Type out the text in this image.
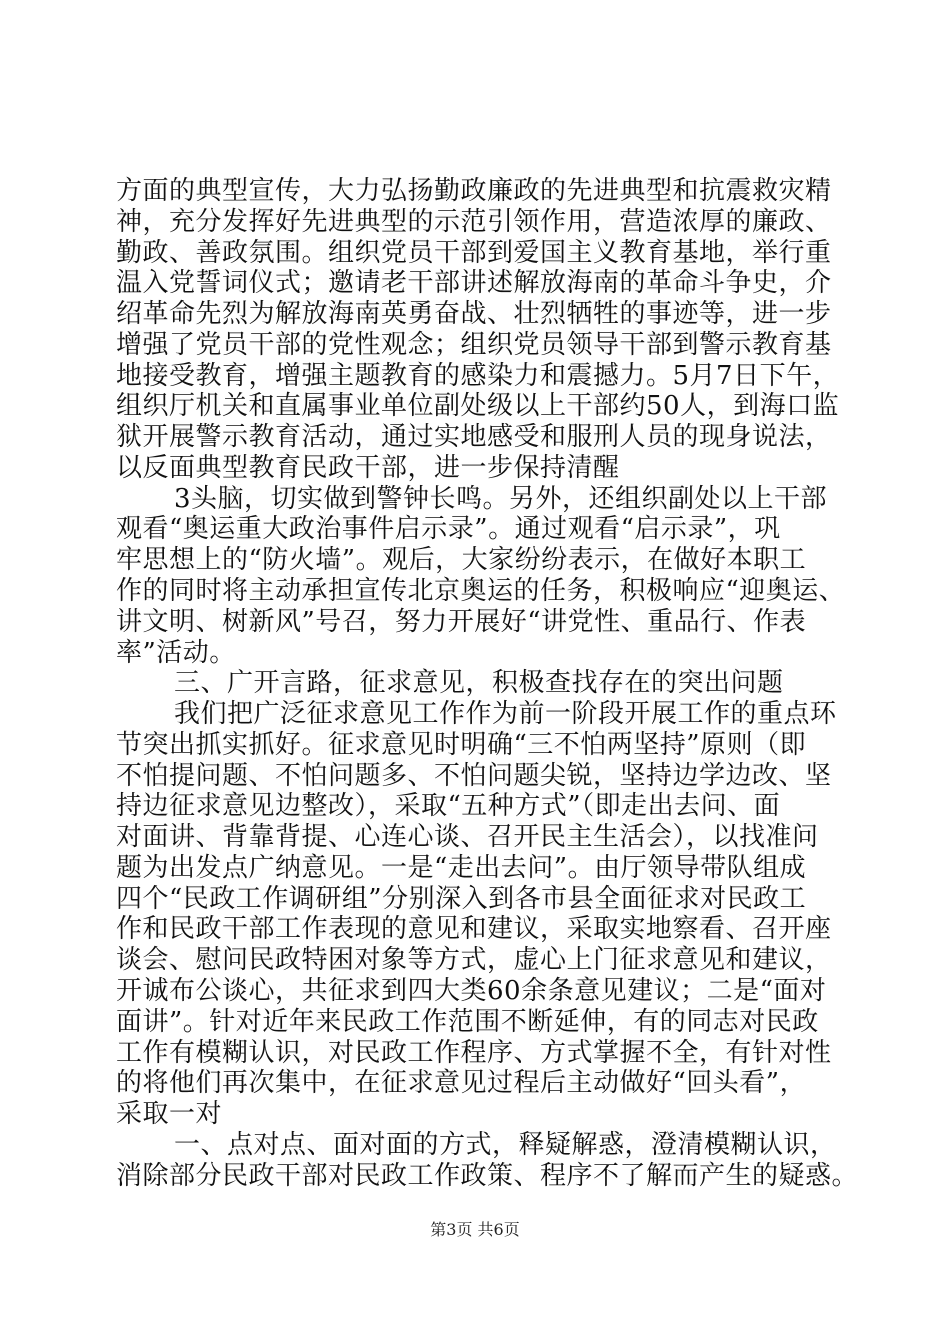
方面的典型宣传，大力弘扬勤政廉政的先进典型和抗震救灾精
神，充分发挥好先进典型的示范引领作用，营造浓厚的廉政、
勤政、善政氛围。组织党员干部到爱国主义教育基地，举行重
温入党誓词仪式；邀请老干部讲述解放海南的革命斗争史，介
绍革命先烈为解放海南英勇奋战、壮烈牺牲的事迹等，进一步
增强了党员干部的党性观念；组织党员领导干部到警示教育基
地接受教育，增强主题教育的感染力和震撼力。5月7日下午，
组织厅机关和直属事业单位副处级以上干部约50人，到海口监
狱开展警示教育活动，通过实地感受和服刑人员的现身说法，
以反面典型教育民政干部，进一步保持清醒
3头脑，切实做到警钟长鸣。另外，还组织副处以上干部
观看“奥运重大政治事件启示录”。通过观看“启示录”，巩
牢思想上的“防火墙”。观后，大家纷纷表示，在做好本职工
作的同时将主动承担宣传北京奥运的任务，积极响应“迎奥运、
讲文明、树新风”号召，努力开展好“讲党性、重品行、作表
率”活动。
三、广开言路，征求意见，积极查找存在的突出问题
我们把广泛征求意见工作作为前一阶段开展工作的重点环
节突出抓实抓好。征求意见时明确“三不怕两坚持”原则（即
不怕提问题、不怕问题多、不怕问题尖锐，坚持边学边改、坚
持边征求意见边整改），采取“五种方式”（即走出去问、面
对面讲、背靠背提、心连心谈、召开民主生活会），以找准问
题为出发点广纳意见。一是“走出去问”。由厅领导带队组成
四个“民政工作调研组”分别深入到各市县全面征求对民政工
作和民政干部工作表现的意见和建议，采取实地察看、召开座
谈会、慰问民政特困对象等方式，虚心上门征求意见和建议，
开诚布公谈心，共征求到四大类60余条意见建议；二是“面对
面讲”。针对近年来民政工作范围不断延伸，有的同志对民政
工作有模糊认识，对民政工作程序、方式掌握不全，有针对性
的将他们再次集中，在征求意见过程后主动做好“回头看”，
采取一对
一、点对点、面对面的方式，释疑解惑，澄清模糊认识，
消除部分民政干部对民政工作政策、程序不了解而产生的疑惑。
第3页 共6页
